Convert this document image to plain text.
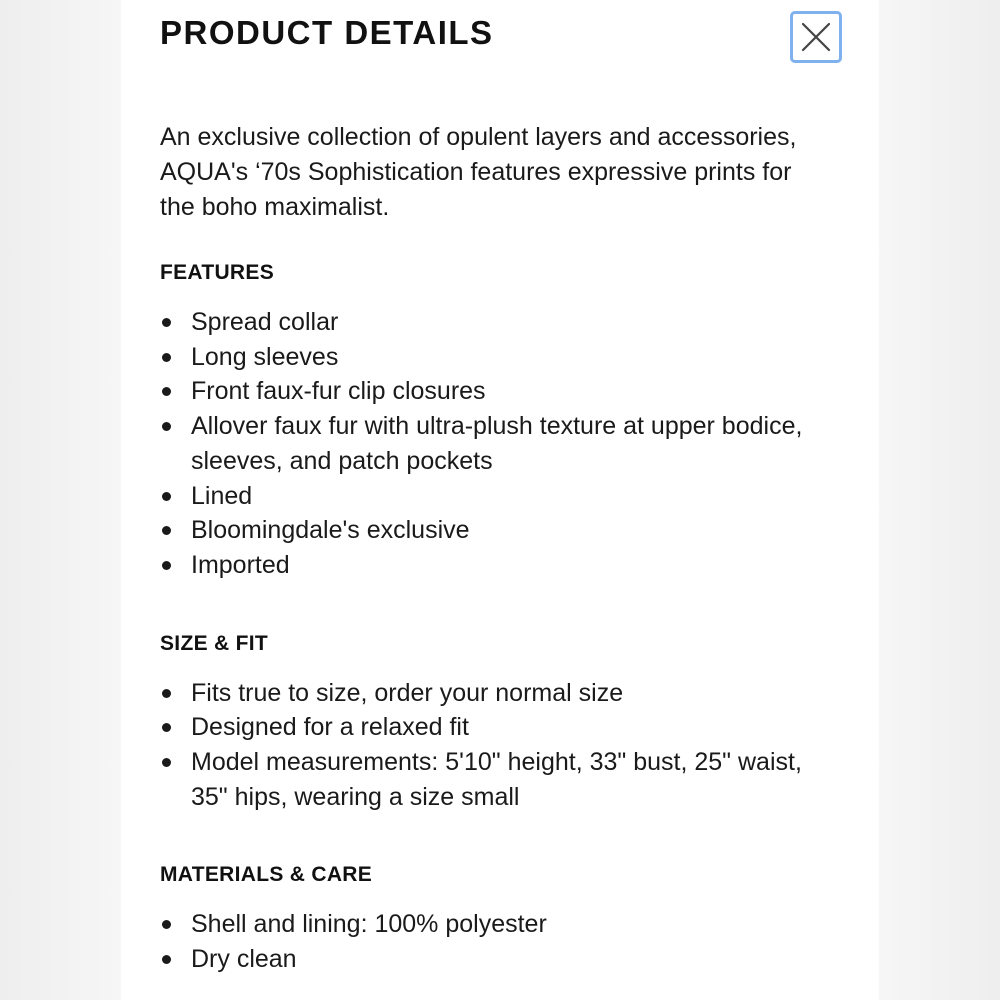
PRODUCT DETAILS

An exclusive collection of opulent layers and accessories, AQUA's ‘70s Sophistication features expressive prints for the boho maximalist.

FEATURES
Spread collar
Long sleeves
Front faux-fur clip closures
Allover faux fur with ultra-plush texture at upper bodice, sleeves, and patch pockets
Lined
Bloomingdale's exclusive
Imported
SIZE & FIT
Fits true to size, order your normal size
Designed for a relaxed fit
Model measurements: 5'10" height, 33" bust, 25" waist, 35" hips, wearing a size small
MATERIALS & CARE
Shell and lining: 100% polyester
Dry clean
